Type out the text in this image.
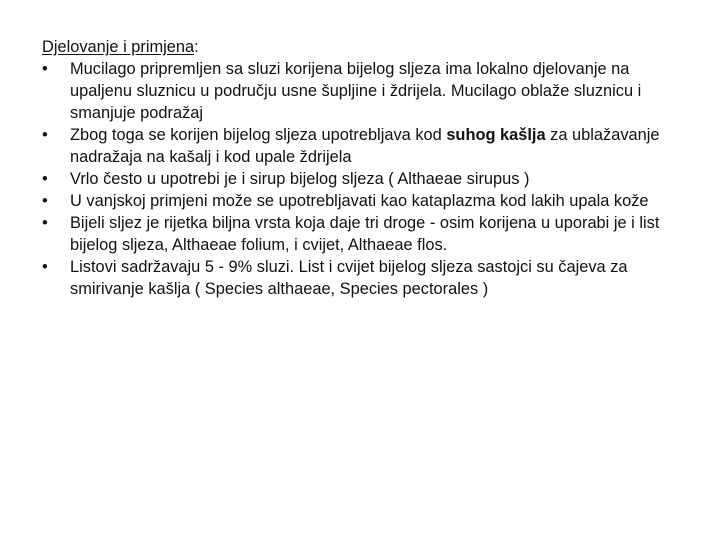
Djelovanje i primjena:

•	Mucilago pripremljen sa sluzi korijena bijelog sljeza ima lokalno djelovanje na upaljenu sluznicu u području usne šupljine i ždrijela. Mucilago oblaže sluznicu i smanjuje podražaj
•	Zbog toga se korijen bijelog sljeza upotrebljava kod suhog kašlja za ublažavanje nadražaja na kašalj i kod upale ždrijela
•	Vrlo često u upotrebi je i sirup bijelog sljeza ( Althaeae sirupus )
•	U vanjskoj primjeni može se upotrebljavati kao kataplazma kod lakih upala kože
•	Bijeli sljez je rijetka biljna vrsta koja daje tri droge - osim korijena u uporabi je i list bijelog sljeza, Althaeae folium, i cvijet, Althaeae flos.
•	Listovi sadržavaju 5 - 9% sluzi. List i cvijet bijelog sljeza sastojci su čajeva za smirivanje kašlja ( Species althaeae, Species pectorales )
